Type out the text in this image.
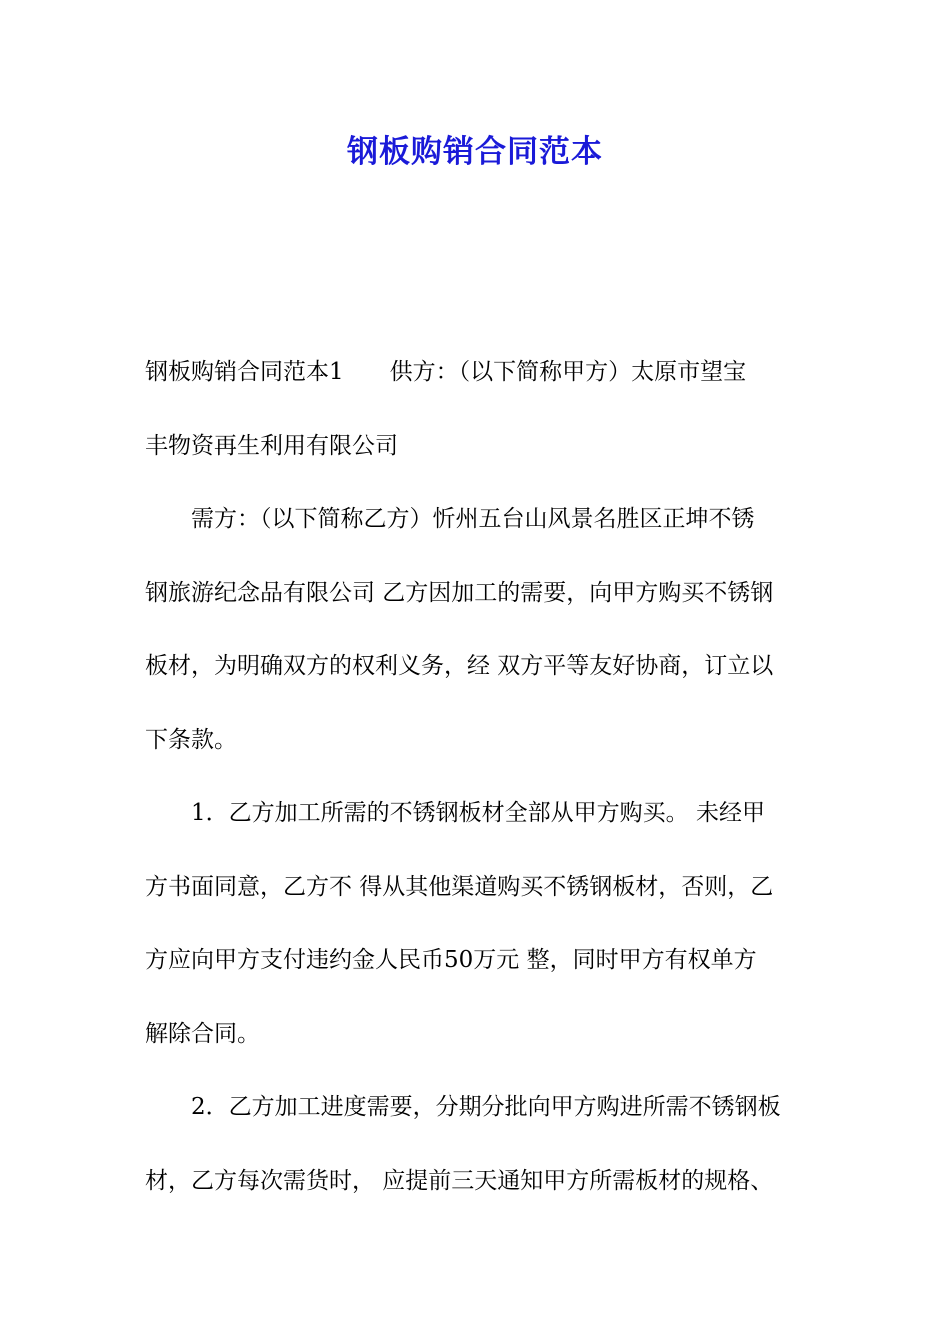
钢板购销合同范本
钢板购销合同范本1　　供方：（以下简称甲方）太原市望宝
丰物资再生利用有限公司
需方：（以下简称乙方）忻州五台山风景名胜区正坤不锈
钢旅游纪念品有限公司 乙方因加工的需要，向甲方购买不锈钢
板材，为明确双方的权利义务，经 双方平等友好协商，订立以
下条款。
1．乙方加工所需的不锈钢板材全部从甲方购买。 未经甲
方书面同意，乙方不 得从其他渠道购买不锈钢板材，否则，乙
方应向甲方支付违约金人民币50万元 整，同时甲方有权单方
解除合同。
2．乙方加工进度需要，分期分批向甲方购进所需不锈钢板
材，乙方每次需货时， 应提前三天通知甲方所需板材的规格、
